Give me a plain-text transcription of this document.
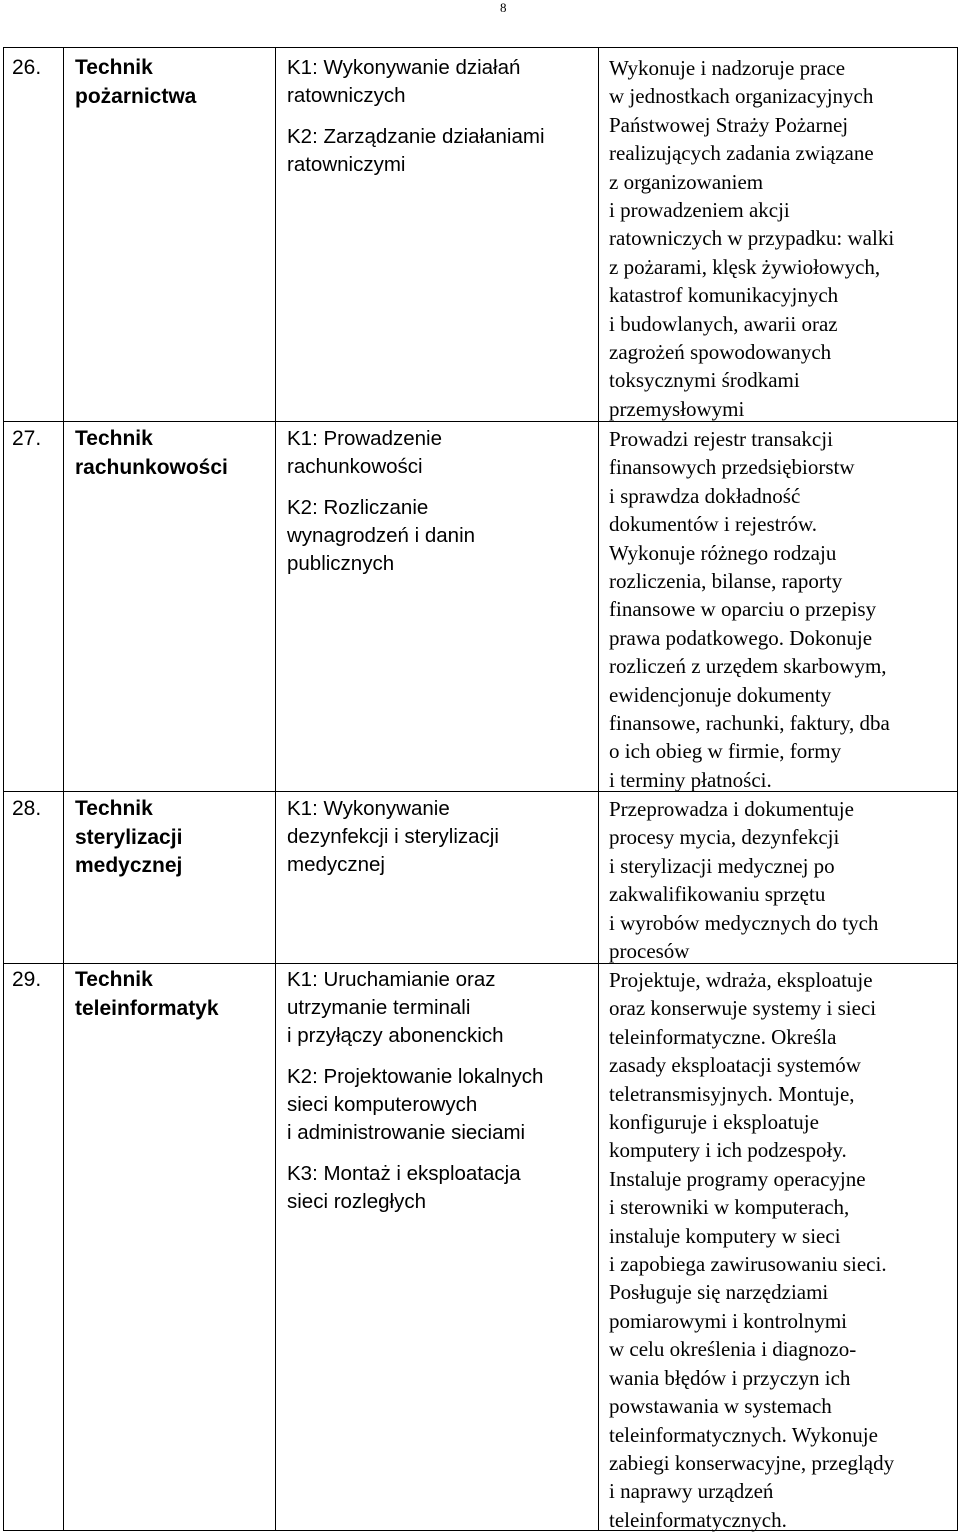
8
26. Technik
pożarnictwa
K1: Wykonywanie działań
ratowniczych
K2: Zarządzanie działaniami
ratowniczymi
Wykonuje i nadzoruje prace
w jednostkach organizacyjnych
Państwowej Straży Pożarnej
realizujących zadania związane
z organizowaniem
i prowadzeniem akcji
ratowniczych w przypadku: walki
z pożarami, klęsk żywiołowych,
katastrof komunikacyjnych
i budowlanych, awarii oraz
zagrożeń spowodowanych
toksycznymi środkami
przemysłowymi
27. Technik
rachunkowości
K1: Prowadzenie
rachunkowości
K2: Rozliczanie
wynagrodzeń i danin
publicznych
Prowadzi rejestr transakcji
finansowych przedsiębiorstw
i sprawdza dokładność
dokumentów i rejestrów.
Wykonuje różnego rodzaju
rozliczenia, bilanse, raporty
finansowe w oparciu o przepisy
prawa podatkowego. Dokonuje
rozliczeń z urzędem skarbowym,
ewidencjonuje dokumenty
finansowe, rachunki, faktury, dba
o ich obieg w firmie, formy
i terminy płatności.
28. Technik
sterylizacji
medycznej
K1: Wykonywanie
dezynfekcji i sterylizacji
medycznej
Przeprowadza i dokumentuje
procesy mycia, dezynfekcji
i sterylizacji medycznej po
zakwalifikowaniu sprzętu
i wyrobów medycznych do tych
procesów
29. Technik
teleinformatyk
K1: Uruchamianie oraz
utrzymanie terminali
i przyłączy abonenckich
K2: Projektowanie lokalnych
sieci komputerowych
i administrowanie sieciami
K3: Montaż i eksploatacja
sieci rozległych
Projektuje, wdraża, eksploatuje
oraz konserwuje systemy i sieci
teleinformatyczne. Określa
zasady eksploatacji systemów
teletransmisyjnych. Montuje,
konfiguruje i eksploatuje
komputery i ich podzespoły.
Instaluje programy operacyjne
i sterowniki w komputerach,
instaluje komputery w sieci
i zapobiega zawirusowaniu sieci.
Posługuje się narzędziami
pomiarowymi i kontrolnymi
w celu określenia i diagnozo-
wania błędów i przyczyn ich
powstawania w systemach
teleinformatycznych. Wykonuje
zabiegi konserwacyjne, przeglądy
i naprawy urządzeń
teleinformatycznych.
